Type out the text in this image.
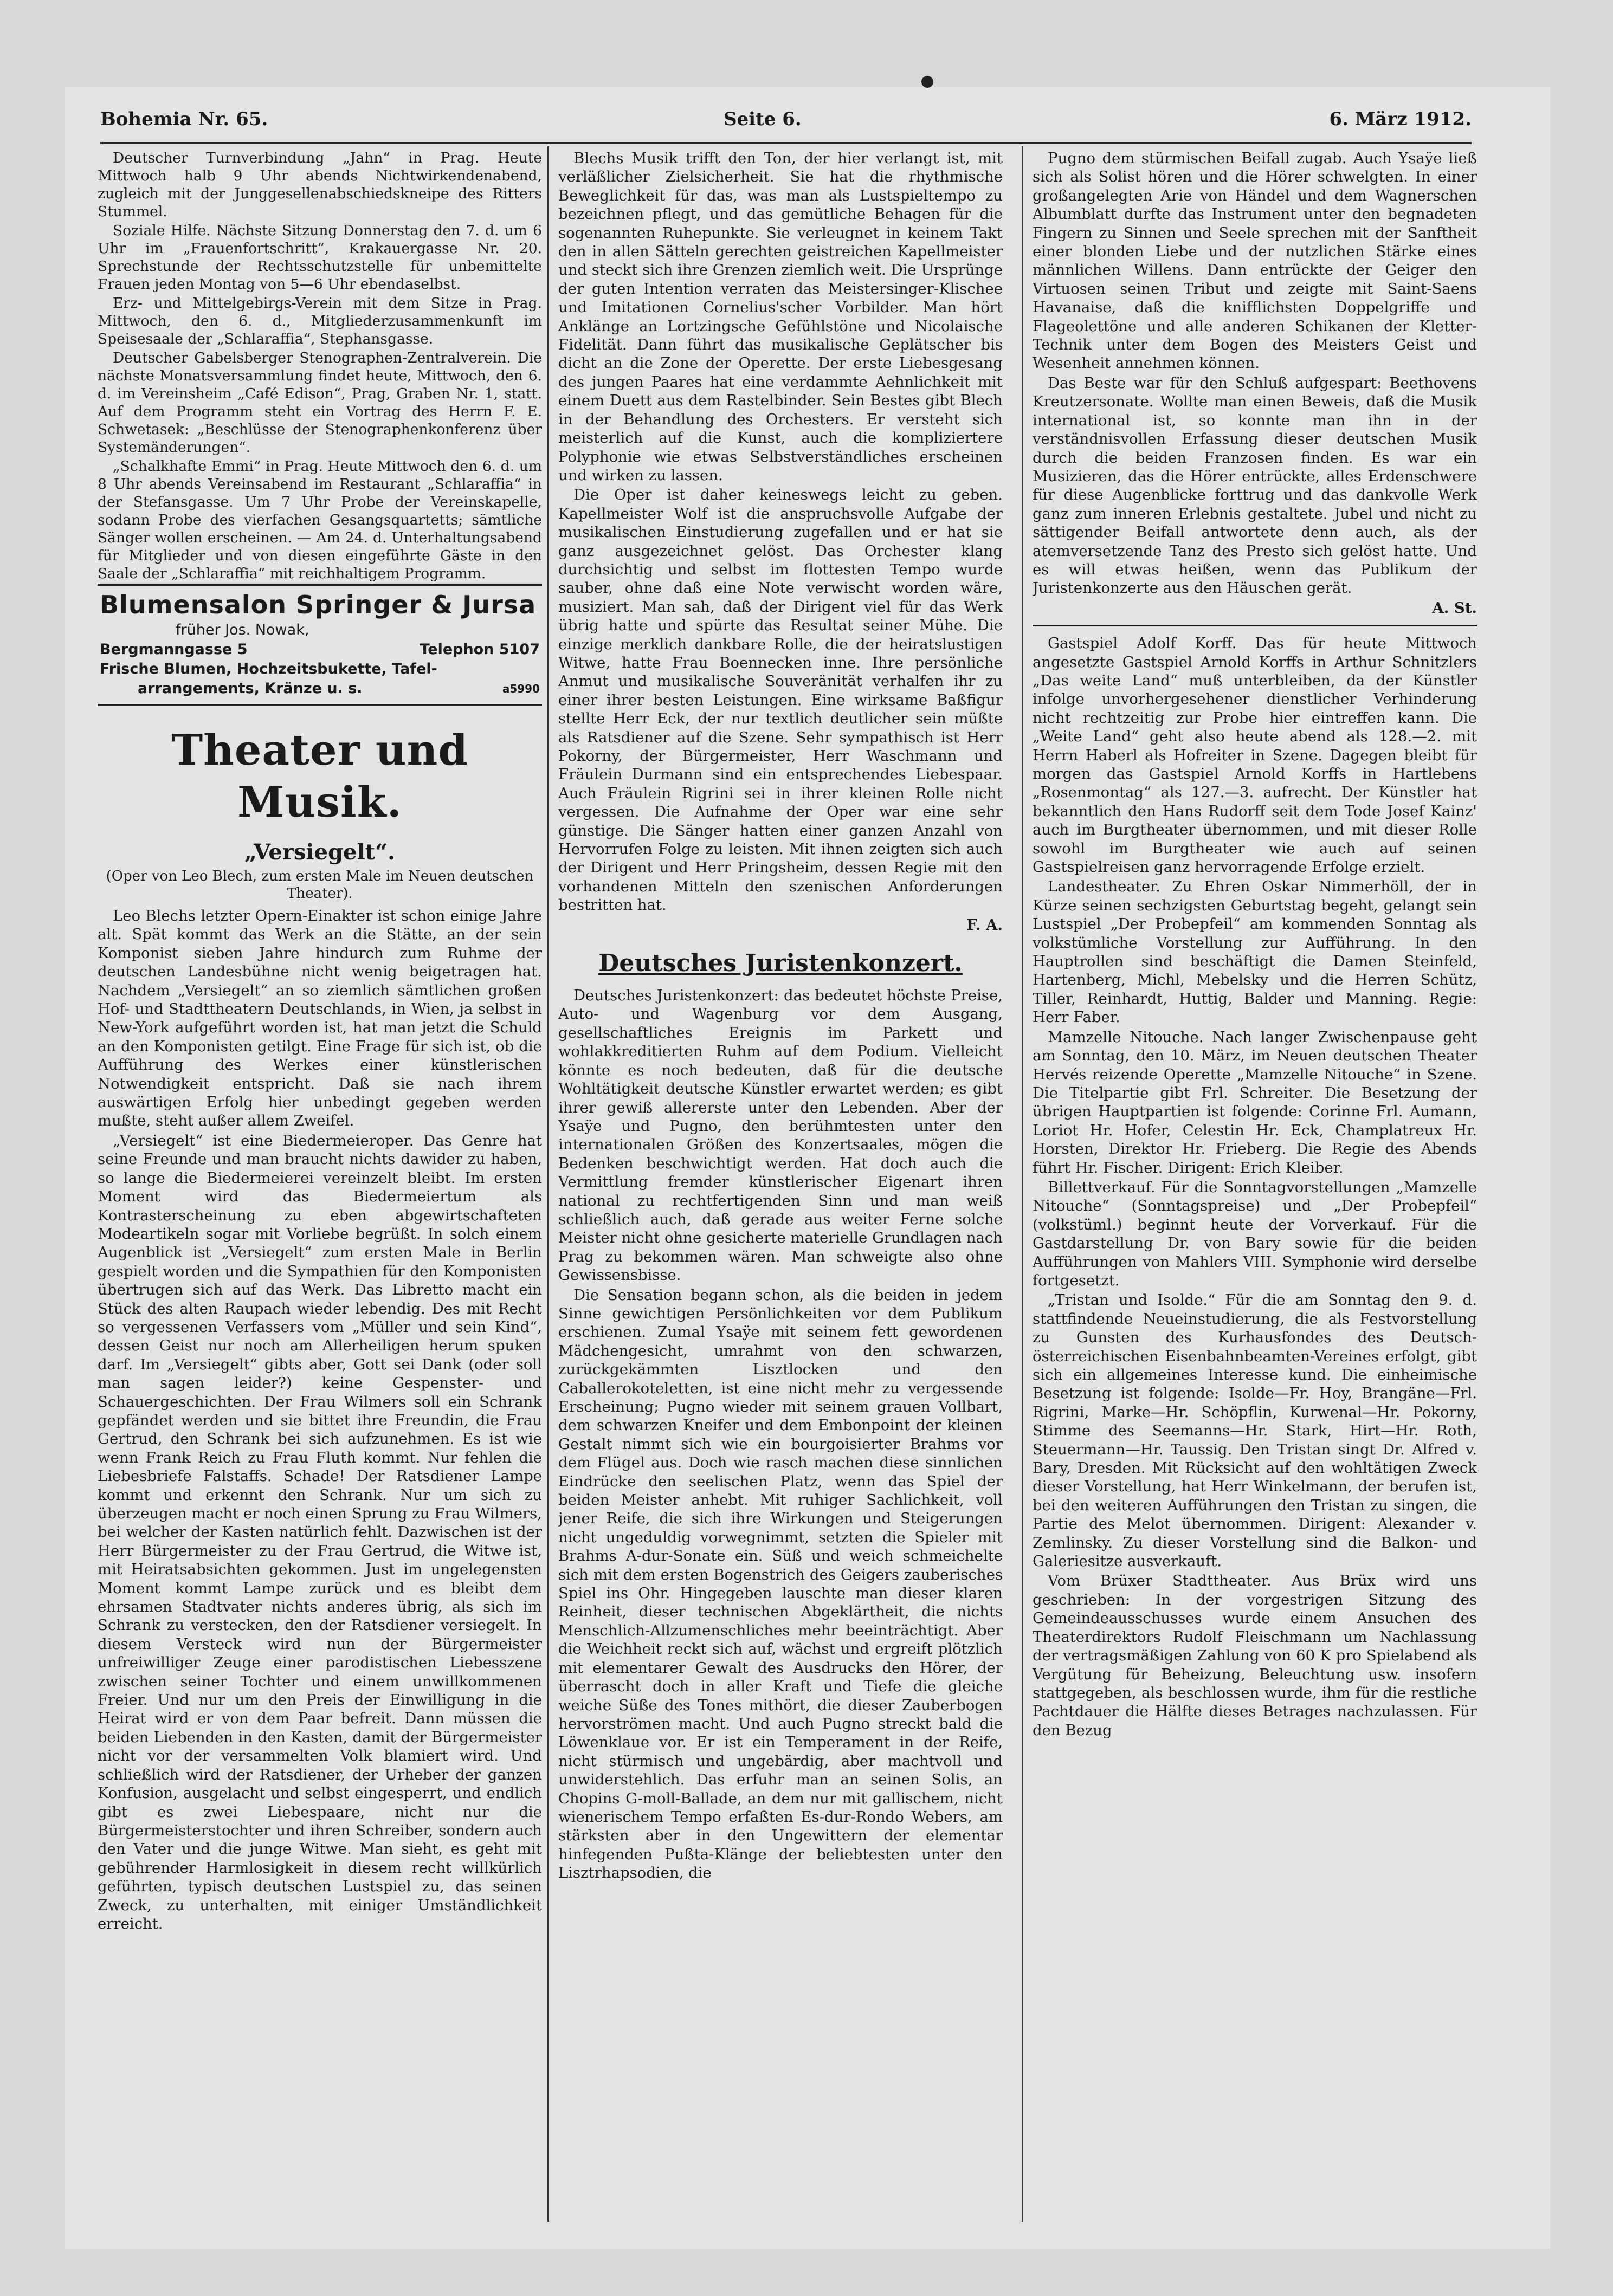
Bohemia Nr. 65.	Seite 6.	6. März 1912.

Deutscher Turnverbindung „Jahn“ in Prag. Heute Mittwoch halb 9 Uhr abends Nichtwirkendenabend, zugleich mit der Junggesellenabschiedskneipe des Ritters Stummel.

Soziale Hilfe. Nächste Sitzung Donnerstag den 7. d. um 6 Uhr im „Frauenfortschritt“, Krakauergasse Nr. 20. Sprechstunde der Rechtsschutzstelle für unbemittelte Frauen jeden Montag von 5—6 Uhr ebendaselbst.

Erz- und Mittelgebirgs-Verein mit dem Sitze in Prag. Mittwoch, den 6. d., Mitgliederzusammenkunft im Speisesaale der „Schlaraffia“, Stephansgasse.

Deutscher Gabelsberger Stenographen-Zentralverein. Die nächste Monatsversammlung findet heute, Mittwoch, den 6. d. im Vereinsheim „Café Edison“, Prag, Graben Nr. 1, statt. Auf dem Programm steht ein Vortrag des Herrn F. E. Schwetasek: „Beschlüsse der Stenographenkonferenz über Systemänderungen“.

„Schalkhafte Emmi“ in Prag. Heute Mittwoch den 6. d. um 8 Uhr abends Vereinsabend im Restaurant „Schlaraffia“ in der Stefansgasse. Um 7 Uhr Probe der Vereinskapelle, sodann Probe des vierfachen Gesangsquartetts; sämtliche Sänger wollen erscheinen. — Am 24. d. Unterhaltungsabend für Mitglieder und von diesen eingeführte Gäste in den Saale der „Schlaraffia“ mit reichhaltigem Programm.

Blumensalon Springer & Jursa
früher Jos. Nowak,
Bergmanngasse 5	Telephon 5107
Frische Blumen, Hochzeitsbukette, Tafel-
arrangements, Kränze u. s.	a5990
Theater und Musik.
„Versiegelt“.
(Oper von Leo Blech, zum ersten Male im Neuen deutschen Theater).

Leo Blechs letzter Opern-Einakter ist schon einige Jahre alt. Spät kommt das Werk an die Stätte, an der sein Komponist sieben Jahre hindurch zum Ruhme der deutschen Landesbühne nicht wenig beigetragen hat. Nachdem „Versiegelt“ an so ziemlich sämtlichen großen Hof- und Stadttheatern Deutschlands, in Wien, ja selbst in New-York aufgeführt worden ist, hat man jetzt die Schuld an den Komponisten getilgt. Eine Frage für sich ist, ob die Aufführung des Werkes einer künstlerischen Notwendigkeit entspricht. Daß sie nach ihrem auswärtigen Erfolg hier unbedingt gegeben werden mußte, steht außer allem Zweifel.

„Versiegelt“ ist eine Biedermeieroper. Das Genre hat seine Freunde und man braucht nichts dawider zu haben, so lange die Biedermeierei vereinzelt bleibt. Im ersten Moment wird das Biedermeiertum als Kontrasterscheinung zu eben abgewirtschafteten Modeartikeln sogar mit Vorliebe begrüßt. In solch einem Augenblick ist „Versiegelt“ zum ersten Male in Berlin gespielt worden und die Sympathien für den Komponisten übertrugen sich auf das Werk. Das Libretto macht ein Stück des alten Raupach wieder lebendig. Des mit Recht so vergessenen Verfassers vom „Müller und sein Kind“, dessen Geist nur noch am Allerheiligen herum spuken darf. Im „Versiegelt“ gibts aber, Gott sei Dank (oder soll man sagen leider?) keine Gespenster- und Schauergeschichten. Der Frau Wilmers soll ein Schrank gepfändet werden und sie bittet ihre Freundin, die Frau Gertrud, den Schrank bei sich aufzunehmen. Es ist wie wenn Frank Reich zu Frau Fluth kommt. Nur fehlen die Liebesbriefe Falstaffs. Schade! Der Ratsdiener Lampe kommt und erkennt den Schrank. Nur um sich zu überzeugen macht er noch einen Sprung zu Frau Wilmers, bei welcher der Kasten natürlich fehlt. Dazwischen ist der Herr Bürgermeister zu der Frau Gertrud, die Witwe ist, mit Heiratsabsichten gekommen. Just im ungelegensten Moment kommt Lampe zurück und es bleibt dem ehrsamen Stadtvater nichts anderes übrig, als sich im Schrank zu verstecken, den der Ratsdiener versiegelt. In diesem Versteck wird nun der Bürgermeister unfreiwilliger Zeuge einer parodistischen Liebesszene zwischen seiner Tochter und einem unwillkommenen Freier. Und nur um den Preis der Einwilligung in die Heirat wird er von dem Paar befreit. Dann müssen die beiden Liebenden in den Kasten, damit der Bürgermeister nicht vor der versammelten Volk blamiert wird. Und schließlich wird der Ratsdiener, der Urheber der ganzen Konfusion, ausgelacht und selbst eingesperrt, und endlich gibt es zwei Liebespaare, nicht nur die Bürgermeisterstochter und ihren Schreiber, sondern auch den Vater und die junge Witwe. Man sieht, es geht mit gebührender Harmlosigkeit in diesem recht willkürlich geführten, typisch deutschen Lustspiel zu, das seinen Zweck, zu unterhalten, mit einiger Umständlichkeit erreicht.

Blechs Musik trifft den Ton, der hier verlangt ist, mit verläßlicher Zielsicherheit. Sie hat die rhythmische Beweglichkeit für das, was man als Lustspieltempo zu bezeichnen pflegt, und das gemütliche Behagen für die sogenannten Ruhepunkte. Sie verleugnet in keinem Takt den in allen Sätteln gerechten geistreichen Kapellmeister und steckt sich ihre Grenzen ziemlich weit. Die Ursprünge der guten Intention verraten das Meistersinger-Klischee und Imitationen Cornelius'scher Vorbilder. Man hört Anklänge an Lortzingsche Gefühlstöne und Nicolaische Fidelität. Dann führt das musikalische Geplätscher bis dicht an die Zone der Operette. Der erste Liebesgesang des jungen Paares hat eine verdammte Aehnlichkeit mit einem Duett aus dem Rastelbinder. Sein Bestes gibt Blech in der Behandlung des Orchesters. Er versteht sich meisterlich auf die Kunst, auch die kompliziertere Polyphonie wie etwas Selbstverständliches erscheinen und wirken zu lassen.

Die Oper ist daher keineswegs leicht zu geben. Kapellmeister Wolf ist die anspruchsvolle Aufgabe der musikalischen Einstudierung zugefallen und er hat sie ganz ausgezeichnet gelöst. Das Orchester klang durchsichtig und selbst im flottesten Tempo wurde sauber, ohne daß eine Note verwischt worden wäre, musiziert. Man sah, daß der Dirigent viel für das Werk übrig hatte und spürte das Resultat seiner Mühe. Die einzige merklich dankbare Rolle, die der heiratslustigen Witwe, hatte Frau Boennecken inne. Ihre persönliche Anmut und musikalische Souveränität verhalfen ihr zu einer ihrer besten Leistungen. Eine wirksame Baßfigur stellte Herr Eck, der nur textlich deutlicher sein müßte als Ratsdiener auf die Szene. Sehr sympathisch ist Herr Pokorny, der Bürgermeister, Herr Waschmann und Fräulein Durmann sind ein entsprechendes Liebespaar. Auch Fräulein Rigrini sei in ihrer kleinen Rolle nicht vergessen. Die Aufnahme der Oper war eine sehr günstige. Die Sänger hatten einer ganzen Anzahl von Hervorrufen Folge zu leisten. Mit ihnen zeigten sich auch der Dirigent und Herr Pringsheim, dessen Regie mit den vorhandenen Mitteln den szenischen Anforderungen bestritten hat.

F. A.
Deutsches Juristenkonzert.

Deutsches Juristenkonzert: das bedeutet höchste Preise, Auto- und Wagenburg vor dem Ausgang, gesellschaftliches Ereignis im Parkett und wohlakkreditierten Ruhm auf dem Podium. Vielleicht könnte es noch bedeuten, daß für die deutsche Wohltätigkeit deutsche Künstler erwartet werden; es gibt ihrer gewiß allererste unter den Lebenden. Aber der Ysaÿe und Pugno, den berühmtesten unter den internationalen Größen des Konzertsaales, mögen die Bedenken beschwichtigt werden. Hat doch auch die Vermittlung fremder künstlerischer Eigenart ihren national zu rechtfertigenden Sinn und man weiß schließlich auch, daß gerade aus weiter Ferne solche Meister nicht ohne gesicherte materielle Grundlagen nach Prag zu bekommen wären. Man schweigte also ohne Gewissensbisse.

Die Sensation begann schon, als die beiden in jedem Sinne gewichtigen Persönlichkeiten vor dem Publikum erschienen. Zumal Ysaÿe mit seinem fett gewordenen Mädchengesicht, umrahmt von den schwarzen, zurückgekämmten Lisztlocken und den Caballerokoteletten, ist eine nicht mehr zu vergessende Erscheinung; Pugno wieder mit seinem grauen Vollbart, dem schwarzen Kneifer und dem Embonpoint der kleinen Gestalt nimmt sich wie ein bourgoisierter Brahms vor dem Flügel aus. Doch wie rasch machen diese sinnlichen Eindrücke den seelischen Platz, wenn das Spiel der beiden Meister anhebt. Mit ruhiger Sachlichkeit, voll jener Reife, die sich ihre Wirkungen und Steigerungen nicht ungeduldig vorwegnimmt, setzten die Spieler mit Brahms A-dur-Sonate ein. Süß und weich schmeichelte sich mit dem ersten Bogenstrich des Geigers zauberisches Spiel ins Ohr. Hingegeben lauschte man dieser klaren Reinheit, dieser technischen Abgeklärtheit, die nichts Menschlich-Allzumenschliches mehr beeinträchtigt. Aber die Weichheit reckt sich auf, wächst und ergreift plötzlich mit elementarer Gewalt des Ausdrucks den Hörer, der überrascht doch in aller Kraft und Tiefe die gleiche weiche Süße des Tones mithört, die dieser Zauberbogen hervorströmen macht. Und auch Pugno streckt bald die Löwenklaue vor. Er ist ein Temperament in der Reife, nicht stürmisch und ungebärdig, aber machtvoll und unwiderstehlich. Das erfuhr man an seinen Solis, an Chopins G-moll-Ballade, an dem nur mit gallischem, nicht wienerischem Tempo erfaßten Es-dur-Rondo Webers, am stärksten aber in den Ungewittern der elementar hinfegenden Pußta-Klänge der beliebtesten unter den Lisztrhapsodien, die

Pugno dem stürmischen Beifall zugab. Auch Ysaÿe ließ sich als Solist hören und die Hörer schwelgten. In einer großangelegten Arie von Händel und dem Wagnerschen Albumblatt durfte das Instrument unter den begnadeten Fingern zu Sinnen und Seele sprechen mit der Sanftheit einer blonden Liebe und der nutzlichen Stärke eines männlichen Willens. Dann entrückte der Geiger den Virtuosen seinen Tribut und zeigte mit Saint-Saens Havanaise, daß die knifflichsten Doppelgriffe und Flageolettöne und alle anderen Schikanen der Kletter-Technik unter dem Bogen des Meisters Geist und Wesenheit annehmen können.

Das Beste war für den Schluß aufgespart: Beethovens Kreutzersonate. Wollte man einen Beweis, daß die Musik international ist, so konnte man ihn in der verständnisvollen Erfassung dieser deutschen Musik durch die beiden Franzosen finden. Es war ein Musizieren, das die Hörer entrückte, alles Erdenschwere für diese Augenblicke forttrug und das dankvolle Werk ganz zum inneren Erlebnis gestaltete. Jubel und nicht zu sättigender Beifall antwortete denn auch, als der atemversetzende Tanz des Presto sich gelöst hatte. Und es will etwas heißen, wenn das Publikum der Juristenkonzerte aus den Häuschen gerät.

A. St.

Gastspiel Adolf Korff. Das für heute Mittwoch angesetzte Gastspiel Arnold Korffs in Arthur Schnitzlers „Das weite Land“ muß unterbleiben, da der Künstler infolge unvorhergesehener dienstlicher Verhinderung nicht rechtzeitig zur Probe hier eintreffen kann. Die „Weite Land“ geht also heute abend als 128.—2. mit Herrn Haberl als Hofreiter in Szene. Dagegen bleibt für morgen das Gastspiel Arnold Korffs in Hartlebens „Rosenmontag“ als 127.—3. aufrecht. Der Künstler hat bekanntlich den Hans Rudorff seit dem Tode Josef Kainz' auch im Burgtheater übernommen, und mit dieser Rolle sowohl im Burgtheater wie auch auf seinen Gastspielreisen ganz hervorragende Erfolge erzielt.

Landestheater. Zu Ehren Oskar Nimmerhöll, der in Kürze seinen sechzigsten Geburtstag begeht, gelangt sein Lustspiel „Der Probepfeil“ am kommenden Sonntag als volkstümliche Vorstellung zur Aufführung. In den Hauptrollen sind beschäftigt die Damen Steinfeld, Hartenberg, Michl, Mebelsky und die Herren Schütz, Tiller, Reinhardt, Huttig, Balder und Manning. Regie: Herr Faber.

Mamzelle Nitouche. Nach langer Zwischenpause geht am Sonntag, den 10. März, im Neuen deutschen Theater Hervés reizende Operette „Mamzelle Nitouche“ in Szene. Die Titelpartie gibt Frl. Schreiter. Die Besetzung der übrigen Hauptpartien ist folgende: Corinne Frl. Aumann, Loriot Hr. Hofer, Celestin Hr. Eck, Champlatreux Hr. Horsten, Direktor Hr. Frieberg. Die Regie des Abends führt Hr. Fischer. Dirigent: Erich Kleiber.

Billettverkauf. Für die Sonntagvorstellungen „Mamzelle Nitouche“ (Sonntagspreise) und „Der Probepfeil“ (volkstüml.) beginnt heute der Vorverkauf. Für die Gastdarstellung Dr. von Bary sowie für die beiden Aufführungen von Mahlers VIII. Symphonie wird derselbe fortgesetzt.

„Tristan und Isolde.“ Für die am Sonntag den 9. d. stattfindende Neueinstudierung, die als Festvorstellung zu Gunsten des Kurhausfondes des Deutsch-österreichischen Eisenbahnbeamten-Vereines erfolgt, gibt sich ein allgemeines Interesse kund. Die einheimische Besetzung ist folgende: Isolde—Fr. Hoy, Brangäne—Frl. Rigrini, Marke—Hr. Schöpflin, Kurwenal—Hr. Pokorny, Stimme des Seemanns—Hr. Stark, Hirt—Hr. Roth, Steuermann—Hr. Taussig. Den Tristan singt Dr. Alfred v. Bary, Dresden. Mit Rücksicht auf den wohltätigen Zweck dieser Vorstellung, hat Herr Winkelmann, der berufen ist, bei den weiteren Aufführungen den Tristan zu singen, die Partie des Melot übernommen. Dirigent: Alexander v. Zemlinsky. Zu dieser Vorstellung sind die Balkon- und Galeriesitze ausverkauft.

Vom Brüxer Stadttheater. Aus Brüx wird uns geschrieben: In der vorgestrigen Sitzung des Gemeindeausschusses wurde einem Ansuchen des Theaterdirektors Rudolf Fleischmann um Nachlassung der vertragsmäßigen Zahlung von 60 K pro Spielabend als Vergütung für Beheizung, Beleuchtung usw. insofern stattgegeben, als beschlossen wurde, ihm für die restliche Pachtdauer die Hälfte dieses Betrages nachzulassen. Für den Bezug
